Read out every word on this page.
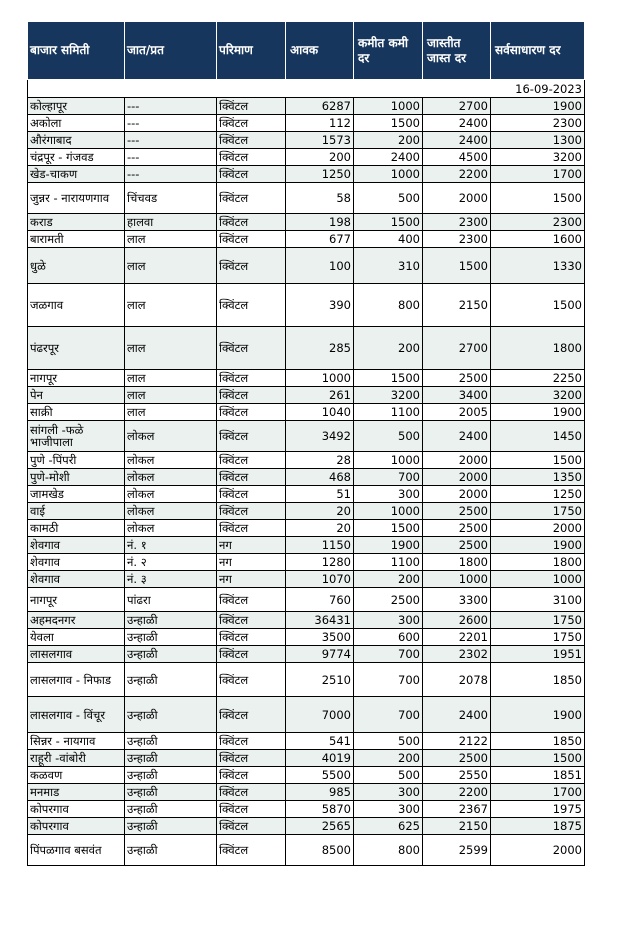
बाजार समिती	जात/प्रत	परिमाण	आवक	कमीत कमी दर	जास्तीत जास्त दर	सर्वसाधारण दर
16-09-2023						
कोल्हापूर	---	क्विंटल	6287	1000	2700	1900
अकोला	---	क्विंटल	112	1500	2400	2300
औरंगाबाद	---	क्विंटल	1573	200	2400	1300
चंद्रपूर - गंजवड	---	क्विंटल	200	2400	4500	3200
खेड-चाकण	---	क्विंटल	1250	1000	2200	1700
जुन्नर - नारायणगाव	चिंचवड	क्विंटल	58	500	2000	1500
कराड	हालवा	क्विंटल	198	1500	2300	2300
बारामती	लाल	क्विंटल	677	400	2300	1600
धुळे	लाल	क्विंटल	100	310	1500	1330
जळगाव	लाल	क्विंटल	390	800	2150	1500
पंढरपूर	लाल	क्विंटल	285	200	2700	1800
नागपूर	लाल	क्विंटल	1000	1500	2500	2250
पेन	लाल	क्विंटल	261	3200	3400	3200
साक्री	लाल	क्विंटल	1040	1100	2005	1900
सांगली -फळे भाजीपाला	लोकल	क्विंटल	3492	500	2400	1450
पुणे -पिंपरी	लोकल	क्विंटल	28	1000	2000	1500
पुणे-मोशी	लोकल	क्विंटल	468	700	2000	1350
जामखेड	लोकल	क्विंटल	51	300	2000	1250
वाई	लोकल	क्विंटल	20	1000	2500	1750
कामठी	लोकल	क्विंटल	20	1500	2500	2000
शेवगाव	नं. १	नग	1150	1900	2500	1900
शेवगाव	नं. २	नग	1280	1100	1800	1800
शेवगाव	नं. ३	नग	1070	200	1000	1000
नागपूर	पांढरा	क्विंटल	760	2500	3300	3100
अहमदनगर	उन्हाळी	क्विंटल	36431	300	2600	1750
येवला	उन्हाळी	क्विंटल	3500	600	2201	1750
लासलगाव	उन्हाळी	क्विंटल	9774	700	2302	1951
लासलगाव - निफाड	उन्हाळी	क्विंटल	2510	700	2078	1850
लासलगाव - विंचूर	उन्हाळी	क्विंटल	7000	700	2400	1900
सिन्नर - नायगाव	उन्हाळी	क्विंटल	541	500	2122	1850
राहूरी -वांबोरी	उन्हाळी	क्विंटल	4019	200	2500	1500
कळवण	उन्हाळी	क्विंटल	5500	500	2550	1851
मनमाड	उन्हाळी	क्विंटल	985	300	2200	1700
कोपरगाव	उन्हाळी	क्विंटल	5870	300	2367	1975
कोपरगाव	उन्हाळी	क्विंटल	2565	625	2150	1875
पिंपळगाव बसवंत	उन्हाळी	क्विंटल	8500	800	2599	2000
